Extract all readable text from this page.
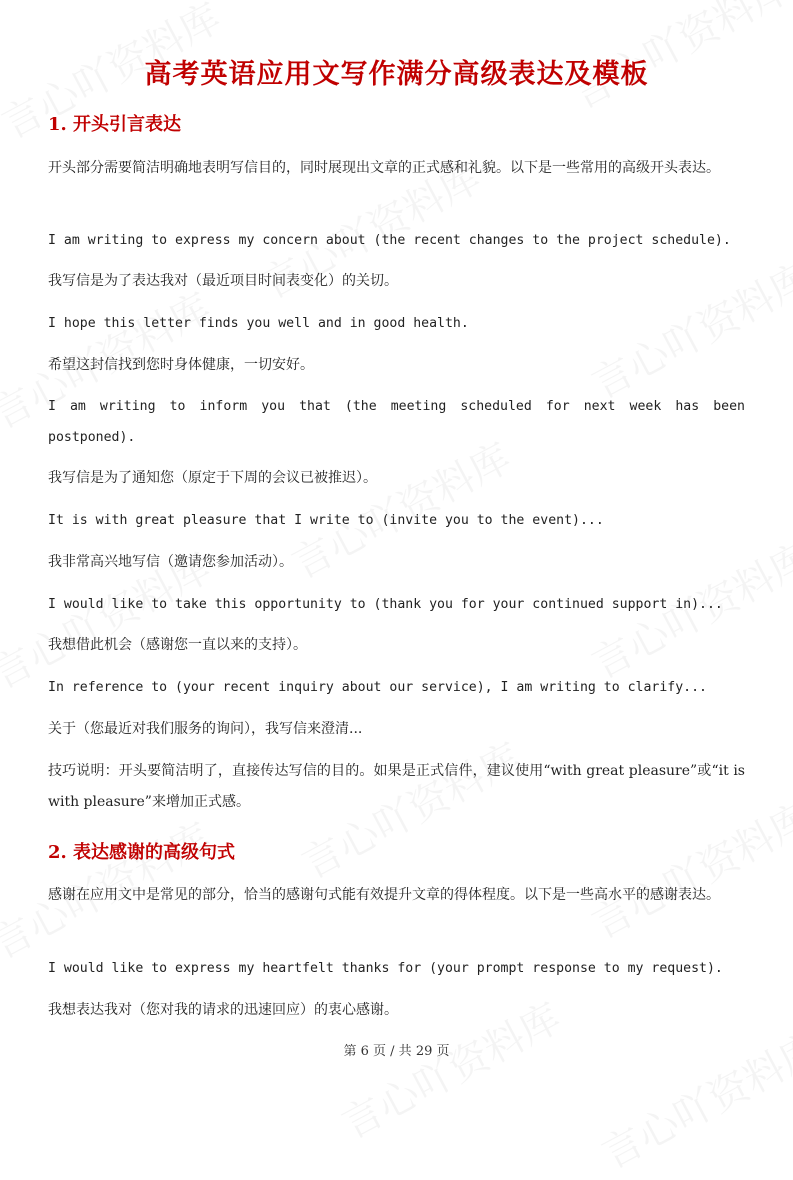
高考英语应用文写作满分高级表达及模板
1. 开头引言表达

开头部分需要简洁明确地表明写信目的，同时展现出文章的正式感和礼貌。以下是一些常用的高级开头表达。

I am writing to express my concern about (the recent changes to the project schedule).

我写信是为了表达我对（最近项目时间表变化）的关切。

I hope this letter finds you well and in good health.

希望这封信找到您时身体健康，一切安好。

I am writing to inform you that (the meeting scheduled for next week has been postponed).

我写信是为了通知您（原定于下周的会议已被推迟）。

It is with great pleasure that I write to (invite you to the event)...

我非常高兴地写信（邀请您参加活动）。

I would like to take this opportunity to (thank you for your continued support in)...

我想借此机会（感谢您一直以来的支持）。

In reference to (your recent inquiry about our service), I am writing to clarify...

关于（您最近对我们服务的询问），我写信来澄清...

技巧说明：开头要简洁明了，直接传达写信的目的。如果是正式信件，建议使用“with great pleasure”或“it is with pleasure”来增加正式感。

2. 表达感谢的高级句式

感谢在应用文中是常见的部分，恰当的感谢句式能有效提升文章的得体程度。以下是一些高水平的感谢表达。

I would like to express my heartfelt thanks for (your prompt response to my request).

我想表达我对（您对我的请求的迅速回应）的衷心感谢。

第 6 页 / 共 29 页
